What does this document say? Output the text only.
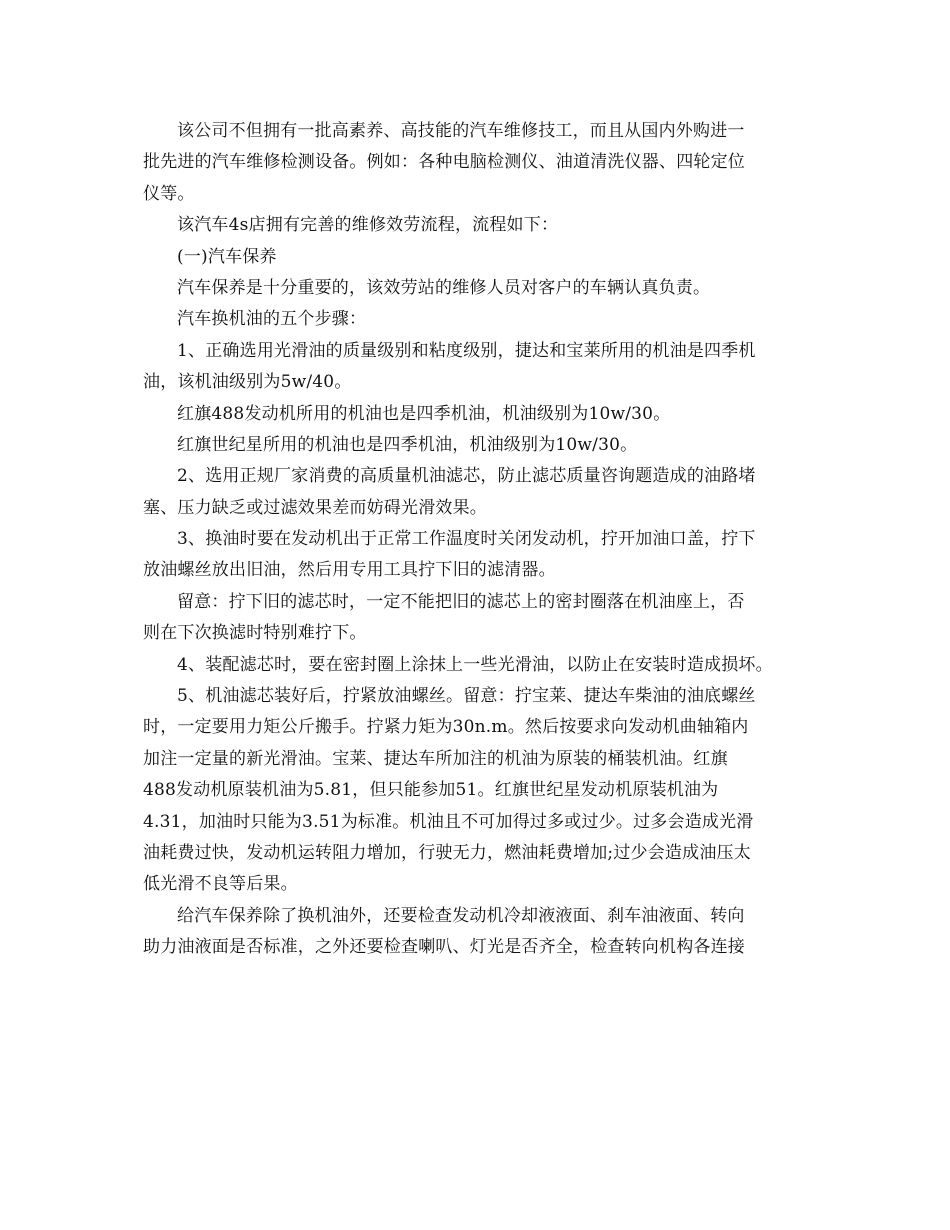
该公司不但拥有一批高素养、高技能的汽车维修技工，而且从国内外购进一
批先进的汽车维修检测设备。例如：各种电脑检测仪、油道清洗仪器、四轮定位
仪等。
该汽车4s店拥有完善的维修效劳流程，流程如下：
(一)汽车保养
汽车保养是十分重要的，该效劳站的维修人员对客户的车辆认真负责。
汽车换机油的五个步骤：
1、正确选用光滑油的质量级别和粘度级别，捷达和宝莱所用的机油是四季机
油，该机油级别为5w/40。
红旗488发动机所用的机油也是四季机油，机油级别为10w/30。
红旗世纪星所用的机油也是四季机油，机油级别为10w/30。
2、选用正规厂家消费的高质量机油滤芯，防止滤芯质量咨询题造成的油路堵
塞、压力缺乏或过滤效果差而妨碍光滑效果。
3、换油时要在发动机出于正常工作温度时关闭发动机，拧开加油口盖，拧下
放油螺丝放出旧油，然后用专用工具拧下旧的滤清器。
留意：拧下旧的滤芯时，一定不能把旧的滤芯上的密封圈落在机油座上，否
则在下次换滤时特别难拧下。
4、装配滤芯时，要在密封圈上涂抹上一些光滑油，以防止在安装时造成损坏。
5、机油滤芯装好后，拧紧放油螺丝。留意：拧宝莱、捷达车柴油的油底螺丝
时，一定要用力矩公斤搬手。拧紧力矩为30n.m。然后按要求向发动机曲轴箱内
加注一定量的新光滑油。宝莱、捷达车所加注的机油为原装的桶装机油。红旗
488发动机原装机油为5.81，但只能参加51。红旗世纪星发动机原装机油为
4.31，加油时只能为3.51为标准。机油且不可加得过多或过少。过多会造成光滑
油耗费过快，发动机运转阻力增加，行驶无力，燃油耗费增加;过少会造成油压太
低光滑不良等后果。
给汽车保养除了换机油外，还要检查发动机冷却液液面、刹车油液面、转向
助力油液面是否标准，之外还要检查喇叭、灯光是否齐全，检查转向机构各连接
